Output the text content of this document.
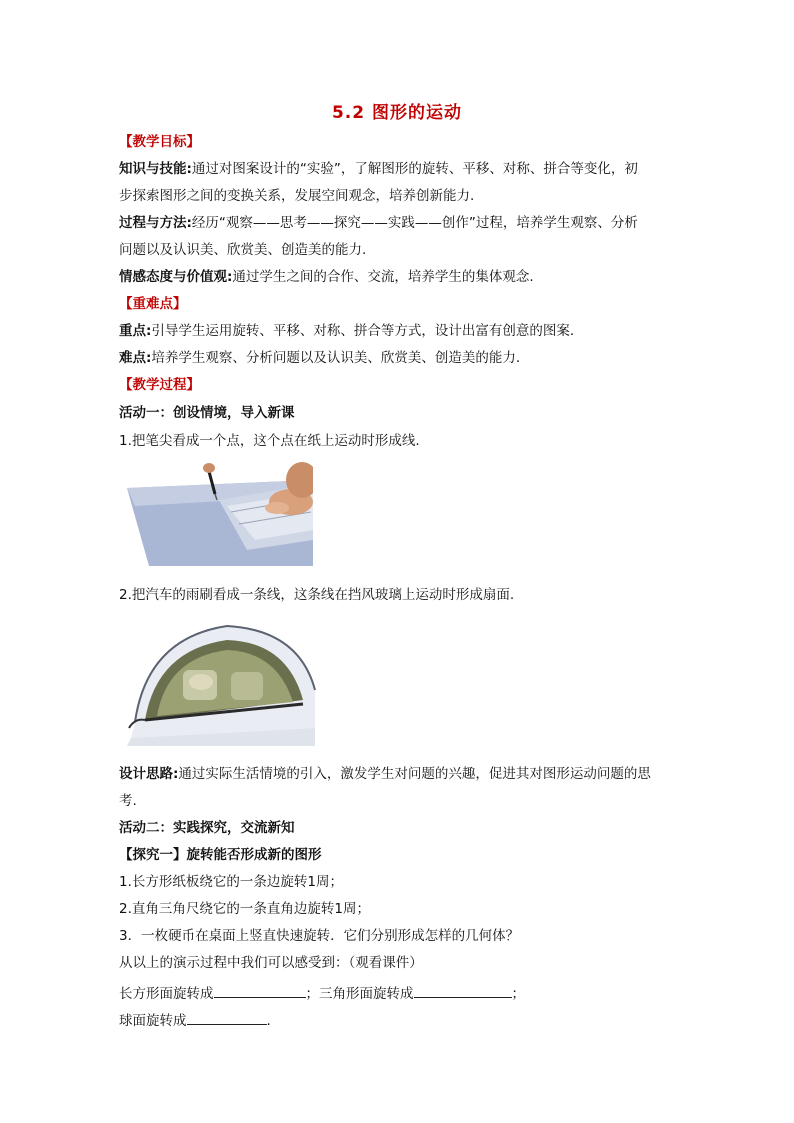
5.2 图形的运动
【教学目标】
知识与技能:通过对图案设计的“实验”，了解图形的旋转、平移、对称、拼合等变化，初
步探索图形之间的变换关系，发展空间观念，培养创新能力.
过程与方法:经历“观察——思考——探究——实践——创作”过程，培养学生观察、分析
问题以及认识美、欣赏美、创造美的能力.
情感态度与价值观:通过学生之间的合作、交流，培养学生的集体观念.
【重难点】
重点:引导学生运用旋转、平移、对称、拼合等方式，设计出富有创意的图案.
难点:培养学生观察、分析问题以及认识美、欣赏美、创造美的能力.
【教学过程】
活动一：创设情境，导入新课
1.把笔尖看成一个点，这个点在纸上运动时形成线.
2.把汽车的雨刷看成一条线，这条线在挡风玻璃上运动时形成扇面.
设计思路:通过实际生活情境的引入，激发学生对问题的兴趣，促进其对图形运动问题的思
考.
活动二：实践探究，交流新知
【探究一】旋转能否形成新的图形
1.长方形纸板绕它的一条边旋转1周；
2.直角三角尺绕它的一条直角边旋转1周；
3．一枚硬币在桌面上竖直快速旋转．它们分别形成怎样的几何体？
从以上的演示过程中我们可以感受到：（观看课件）
长方形面旋转成	；三角形面旋转成	；
球面旋转成	.
